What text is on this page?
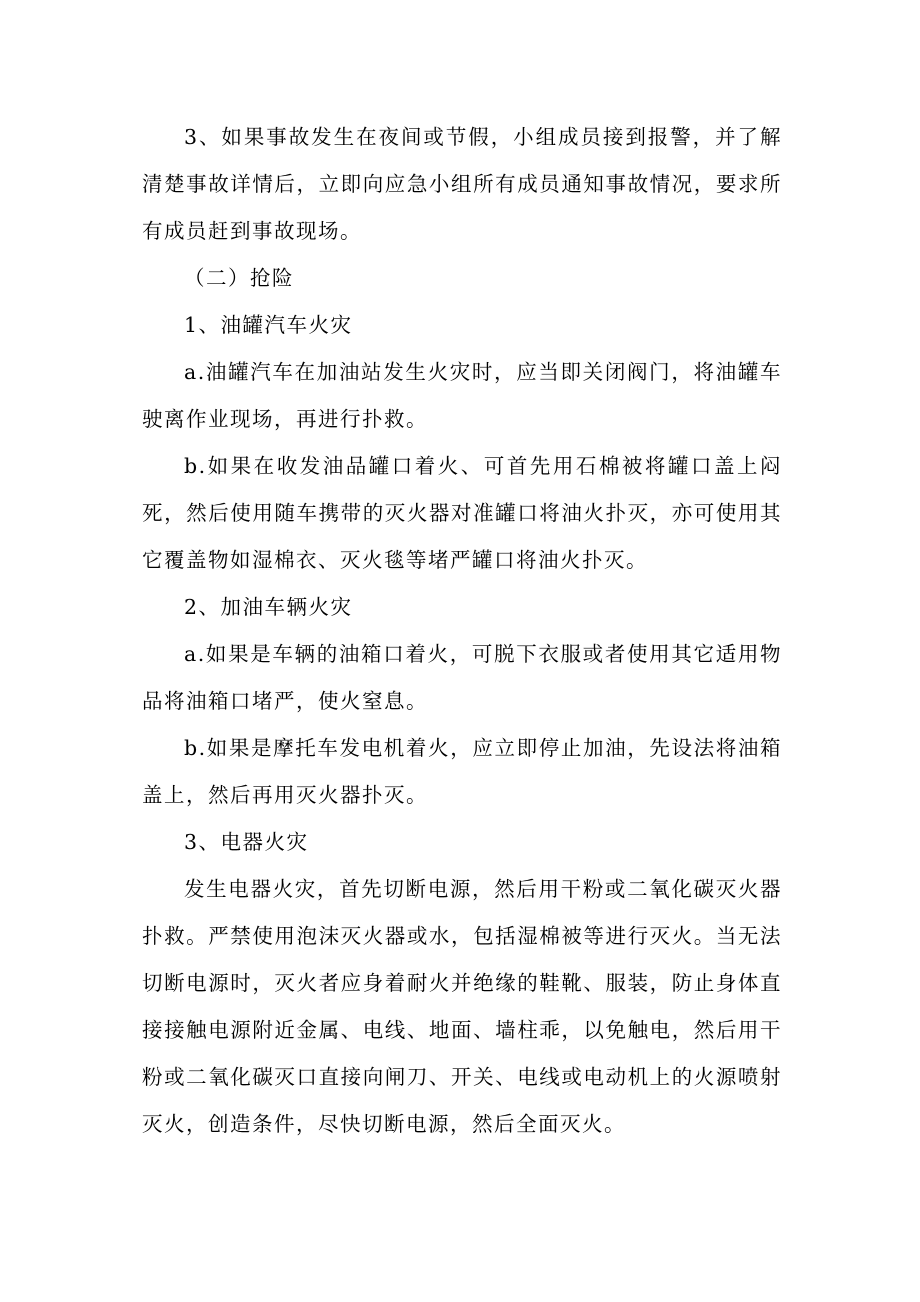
3、如果事故发生在夜间或节假，小组成员接到报警，并了解清楚事故详情后，立即向应急小组所有成员通知事故情况，要求所有成员赶到事故现场。

（二）抢险

1、油罐汽车火灾

a.油罐汽车在加油站发生火灾时，应当即关闭阀门，将油罐车驶离作业现场，再进行扑救。

b.如果在收发油品罐口着火、可首先用石棉被将罐口盖上闷死，然后使用随车携带的灭火器对准罐口将油火扑灭，亦可使用其它覆盖物如湿棉衣、灭火毯等堵严罐口将油火扑灭。

2、加油车辆火灾

a.如果是车辆的油箱口着火，可脱下衣服或者使用其它适用物品将油箱口堵严，使火窒息。

b.如果是摩托车发电机着火，应立即停止加油，先设法将油箱盖上，然后再用灭火器扑灭。

3、电器火灾

发生电器火灾，首先切断电源，然后用干粉或二氧化碳灭火器扑救。严禁使用泡沫灭火器或水，包括湿棉被等进行灭火。当无法切断电源时，灭火者应身着耐火并绝缘的鞋靴、服装，防止身体直接接触电源附近金属、电线、地面、墙柱乖，以免触电，然后用干粉或二氧化碳灭口直接向闸刀、开关、电线或电动机上的火源喷射灭火，创造条件，尽快切断电源，然后全面灭火。
